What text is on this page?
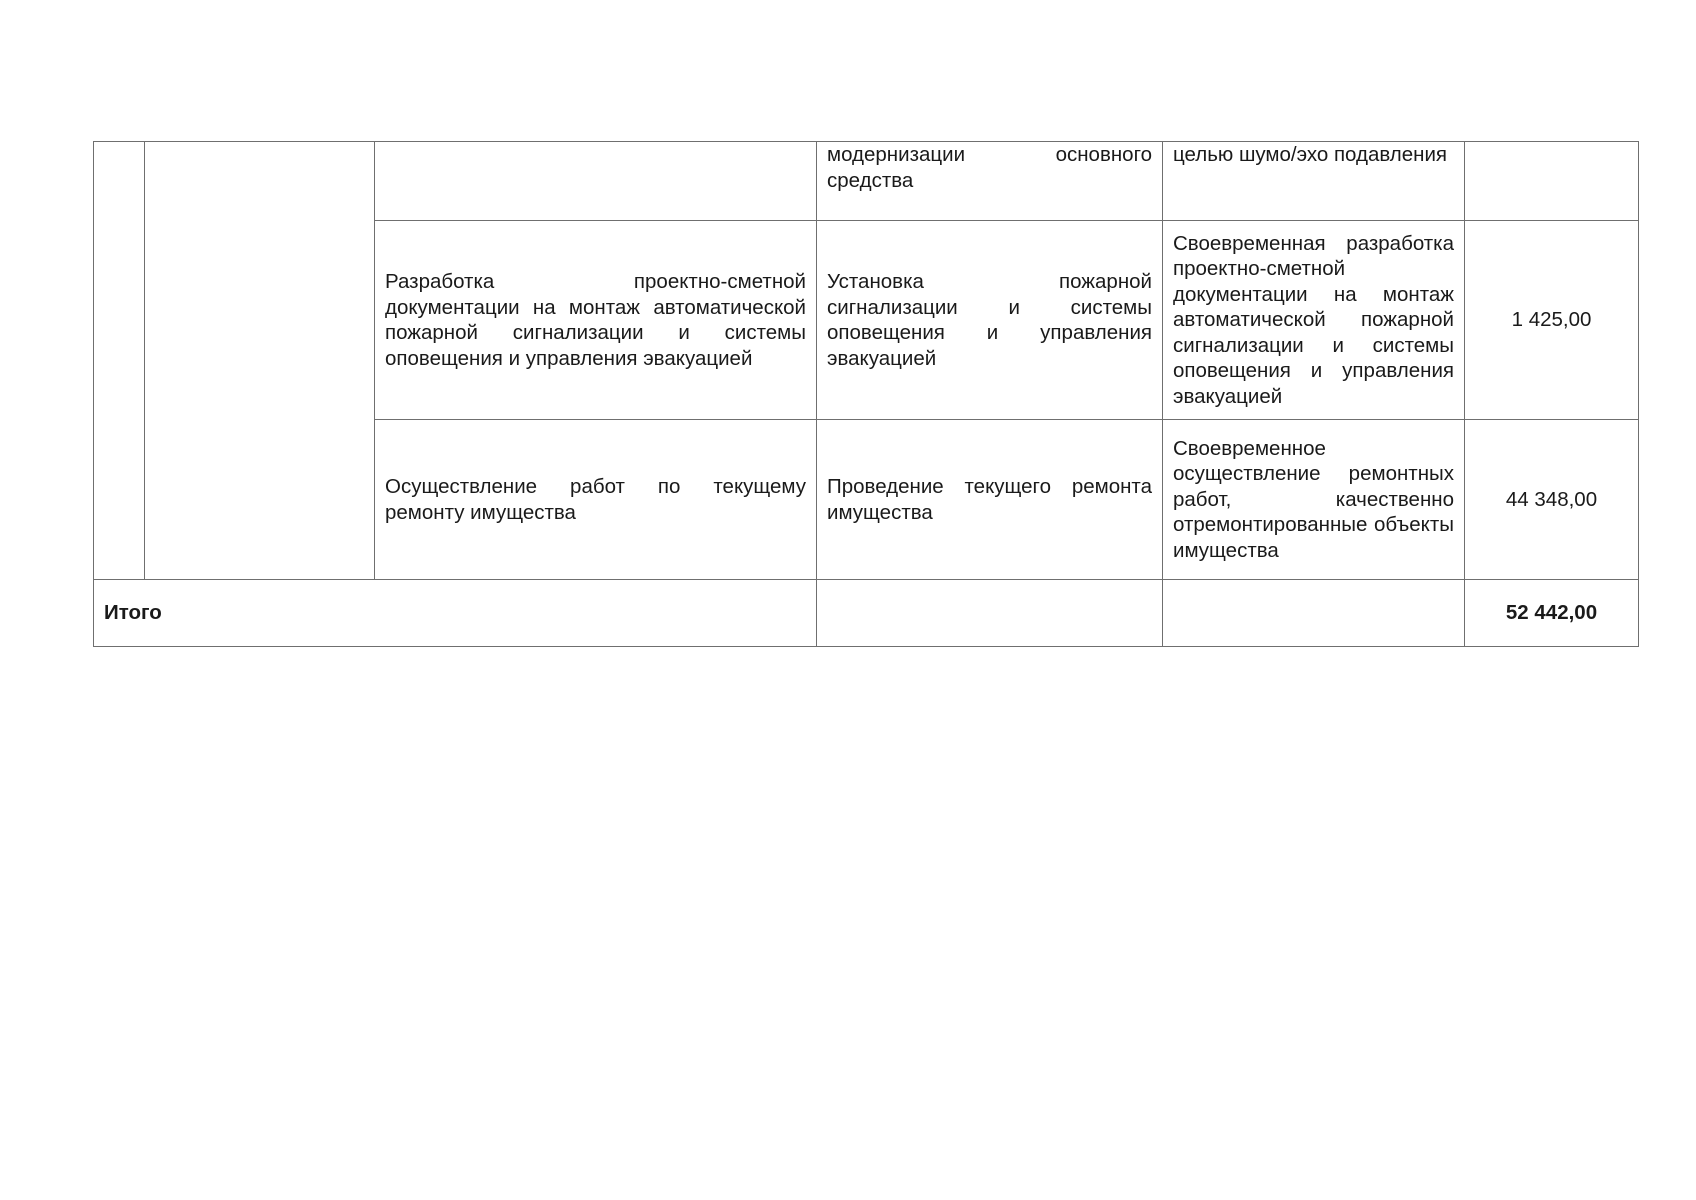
			модернизации основного средства	целью шумо/эхо подавления	
		Разработка проектно-сметной документации на монтаж автоматической пожарной сигнализации и системы оповещения и управления эвакуацией	Установка пожарной сигнализации и системы оповещения и управления эвакуацией	Своевременная разработка проектно-сметной документации на монтаж автоматической пожарной сигнализации и системы оповещения и управления эвакуацией	1 425,00
		Осуществление работ по текущему ремонту имущества	Проведение текущего ремонта имущества	Своевременное осуществление ремонтных работ, качественно отремонтированные объекты имущества	44 348,00
Итого					52 442,00
